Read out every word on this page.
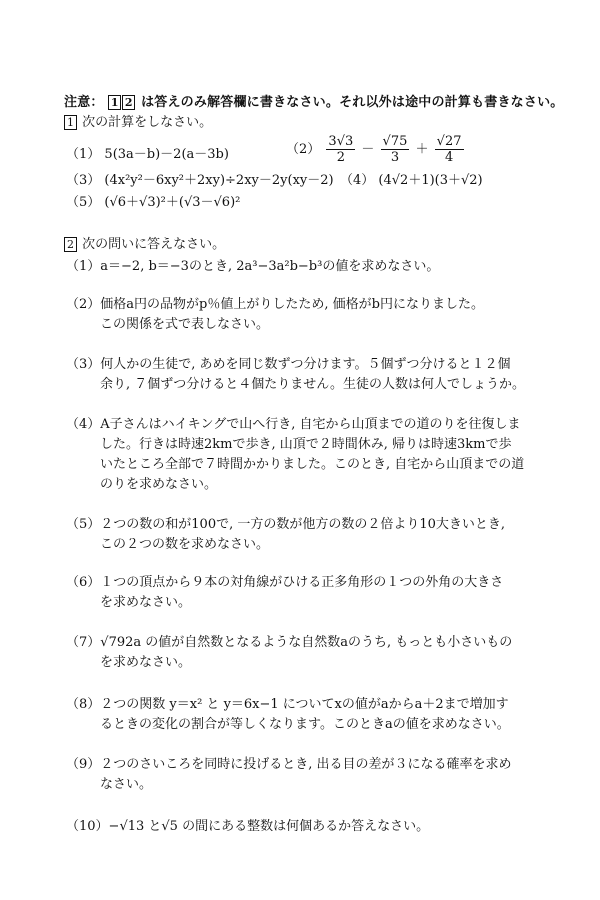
注意： 1 2 は答えのみ解答欄に書きなさい。それ以外は途中の計算も書きなさい。
1 次の計算をしなさい。
（1） 5(3a－b)－2(a－3b)	$(2) \frac{3√3}{2} - \frac{√75}{3} + \frac{√27}{4}$
（3） (4x²y²－6xy²＋2xy)÷2xy－2y(xy－2) （4） (4√2＋1)(3＋√2)
（5） (√6＋√3)²＋(√3－√6)²
2 次の問いに答えなさい。
（1）a＝−2, b＝−3のとき, 2a³−3a²b−b³の値を求めなさい。
（2）価格a円の品物がp％値上がりしたため, 価格がb円になりました。
この関係を式で表しなさい。
（3）何人かの生徒で, あめを同じ数ずつ分けます。５個ずつ分けると１２個
余り, ７個ずつ分けると４個たりません。生徒の人数は何人でしょうか。
（4）A子さんはハイキングで山へ行き, 自宅から山頂までの道のりを往復しま
した。行きは時速2kmで歩き, 山頂で２時間休み, 帰りは時速3kmで歩
いたところ全部で７時間かかりました。このとき, 自宅から山頂までの道
のりを求めなさい。
（5）２つの数の和が100で, 一方の数が他方の数の２倍より10大きいとき,
この２つの数を求めなさい。
（6）１つの頂点から９本の対角線がひける正多角形の１つの外角の大きさ
を求めなさい。
（7）√792a の値が自然数となるような自然数aのうち, もっとも小さいもの
を求めなさい。
（8）２つの関数 y＝x² と y＝6x−1 についてxの値がaからa＋2まで増加す
るときの変化の割合が等しくなります。このときaの値を求めなさい。
（9）２つのさいころを同時に投げるとき, 出る目の差が３になる確率を求め
なさい。
（10）−√13 と√5 の間にある整数は何個あるか答えなさい。
